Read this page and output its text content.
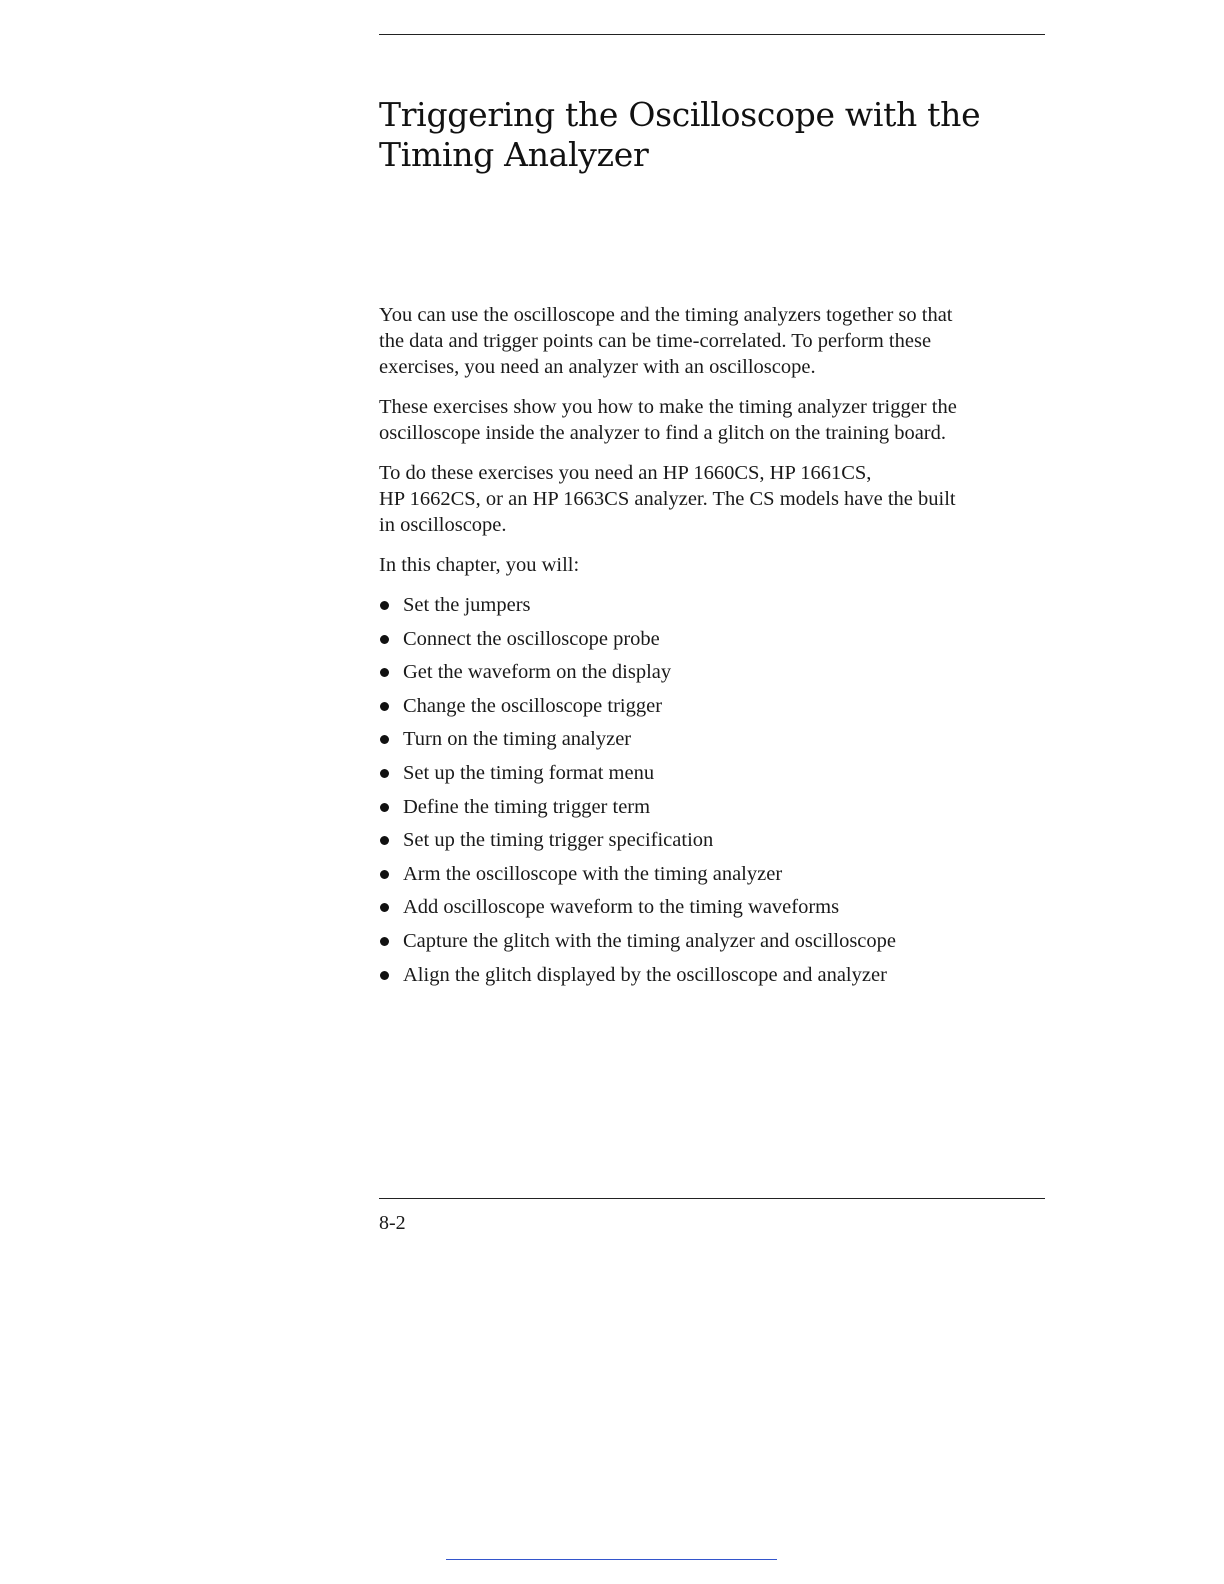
Triggering the Oscilloscope with the
Timing Analyzer

You can use the oscilloscope and the timing analyzers together so that
the data and trigger points can be time-correlated. To perform these
exercises, you need an analyzer with an oscilloscope.

These exercises show you how to make the timing analyzer trigger the
oscilloscope inside the analyzer to find a glitch on the training board.

To do these exercises you need an HP 1660CS, HP 1661CS,
HP 1662CS, or an HP 1663CS analyzer. The CS models have the built
in oscilloscope.

In this chapter, you will:

Set the jumpers
Connect the oscilloscope probe
Get the waveform on the display
Change the oscilloscope trigger
Turn on the timing analyzer
Set up the timing format menu
Define the timing trigger term
Set up the timing trigger specification
Arm the oscilloscope with the timing analyzer
Add oscilloscope waveform to the timing waveforms
Capture the glitch with the timing analyzer and oscilloscope
Align the glitch displayed by the oscilloscope and analyzer
8-2
